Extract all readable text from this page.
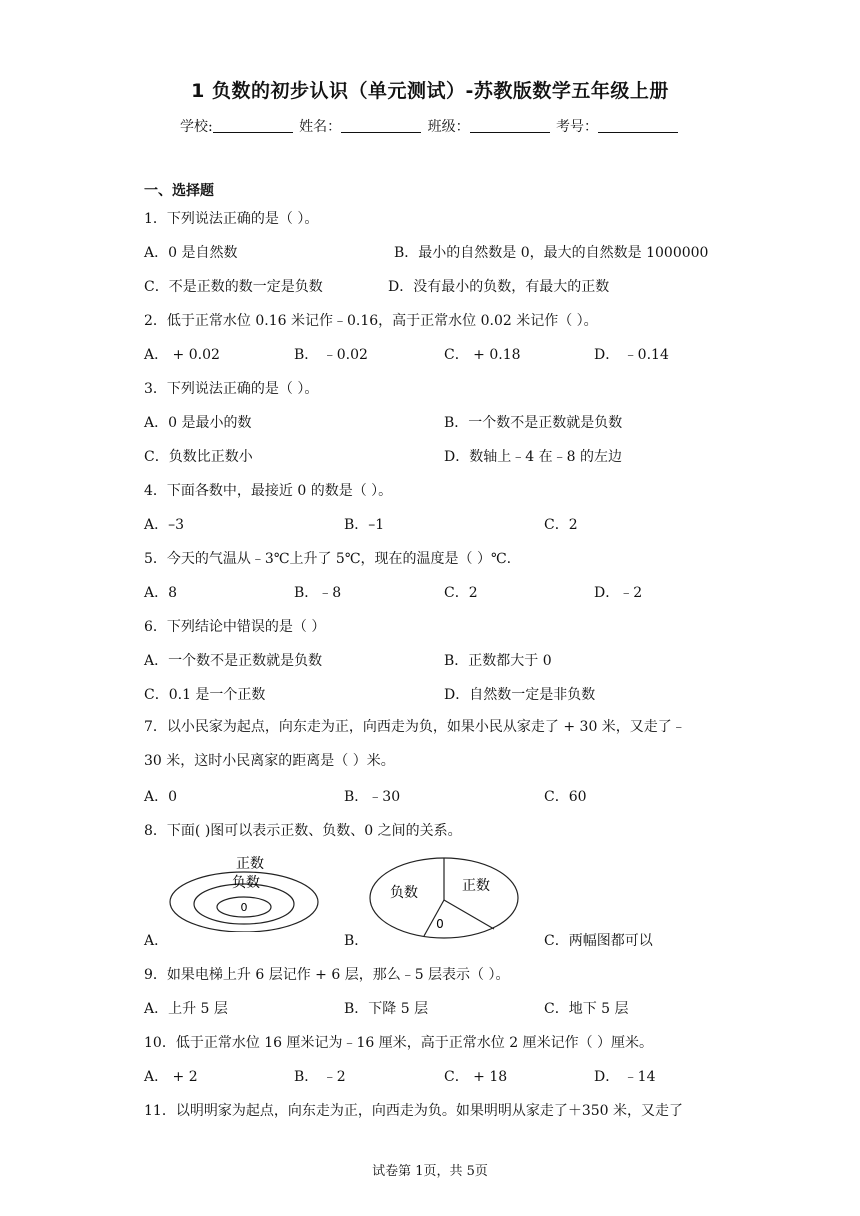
1 负数的初步认识（单元测试）-苏教版数学五年级上册
学校:	姓名：	班级：	考号：
一、选择题
1．下列说法正确的是（ ）。
A．0 是自然数	B．最小的自然数是 0，最大的自然数是 1000000
C．不是正数的数一定是负数	D．没有最小的负数，有最大的正数
2．低于正常水位 0.16 米记作﹣0.16，高于正常水位 0.02 米记作（ ）。
A． + 0.02	B． ﹣0.02	C． + 0.18	D． ﹣0.14
3．下列说法正确的是（ ）。
A．0 是最小的数	B．一个数不是正数就是负数
C．负数比正数小	D．数轴上﹣4 在﹣8 的左边
4．下面各数中，最接近 0 的数是（ ）。
A．–3	B．–1	C．2
5．今天的气温从﹣3℃上升了 5℃，现在的温度是（ ）℃.
A．8	B．﹣8	C．2	D．﹣2
6．下列结论中错误的是（ ）
A．一个数不是正数就是负数	B．正数都大于 0
C．0.1 是一个正数	D．自然数一定是非负数
7．以小民家为起点，向东走为正，向西走为负，如果小民从家走了 + 30 米，又走了﹣
30 米，这时小民离家的距离是（ ）米。
A．0	B．﹣30	C．60
8．下面( )图可以表示正数、负数、0 之间的关系。
正数
负数
0
A．
负数	正数
0
B．	C．两幅图都可以
9．如果电梯上升 6 层记作 + 6 层，那么﹣5 层表示（ ）。
A．上升 5 层	B．下降 5 层	C．地下 5 层
10．低于正常水位 16 厘米记为﹣16 厘米，高于正常水位 2 厘米记作（ ）厘米。
A． + 2	B． ﹣2	C． + 18	D． ﹣14
11．以明明家为起点，向东走为正，向西走为负。如果明明从家走了＋350 米，又走了
试卷第 1页，共 5页
